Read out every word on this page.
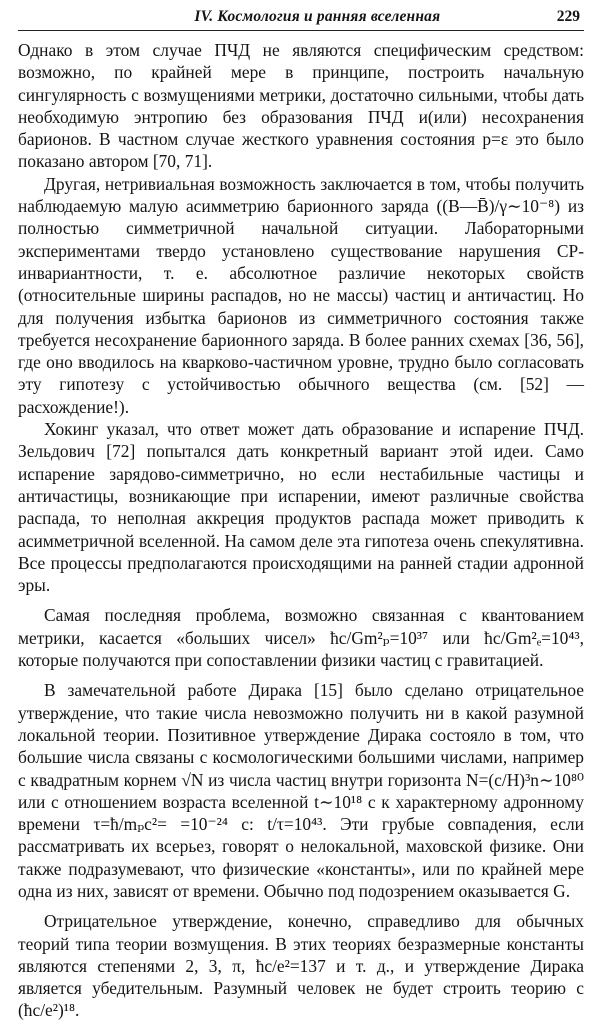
IV. Космология и ранняя вселенная	229

Однако в этом случае ПЧД не являются специфическим средством: возможно, по крайней мере в принципе, построить начальную сингулярность с возмущениями метрики, достаточно сильными, чтобы дать необходимую энтропию без образования ПЧД и(или) несохранения барионов. В частном случае жесткого уравнения состояния p=ε это было показано автором [70, 71].

Другая, нетривиальная возможность заключается в том, чтобы получить наблюдаемую малую асимметрию барионного заряда ((B—B̄)/γ∼10⁻⁸) из полностью симметричной начальной ситуации. Лабораторными экспериментами твердо установлено существование нарушения CP-инвариантности, т. е. абсолютное различие некоторых свойств (относительные ширины распадов, но не массы) частиц и античастиц. Но для получения избытка барионов из симметричного состояния также требуется несохранение барионного заряда. В более ранних схемах [36, 56], где оно вводилось на кварково-частичном уровне, трудно было согласовать эту гипотезу с устойчивостью обычного вещества (см. [52] — расхождение!).

Хокинг указал, что ответ может дать образование и испарение ПЧД. Зельдович [72] попытался дать конкретный вариант этой идеи. Само испарение зарядово-симметрично, но если нестабильные частицы и античастицы, возникающие при испарении, имеют различные свойства распада, то неполная аккреция продуктов распада может приводить к асимметричной вселенной. На самом деле эта гипотеза очень спекулятивна. Все процессы предполагаются происходящими на ранней стадии адронной эры.

Самая последняя проблема, возможно связанная с квантованием метрики, касается «больших чисел» ħc/Gm²ₚ=10³⁷ или ħc/Gm²ₑ=10⁴³, которые получаются при сопоставлении физики частиц с гравитацией.

В замечательной работе Дирака [15] было сделано отрицательное утверждение, что такие числа невозможно получить ни в какой разумной локальной теории. Позитивное утверждение Дирака состояло в том, что большие числа связаны с космологическими большими числами, например с квадратным корнем √N из числа частиц внутри горизонта N=(c/H)³n∼10⁸⁰ или с отношением возраста вселенной t∼10¹⁸ с к характерному адронному времени τ=ħ/mₚc²= =10⁻²⁴ с: t/τ=10⁴³. Эти грубые совпадения, если рассматривать их всерьез, говорят о нелокальной, маховской физике. Они также подразумевают, что физические «константы», или по крайней мере одна из них, зависят от времени. Обычно под подозрением оказывается G.

Отрицательное утверждение, конечно, справедливо для обычных теорий типа теории возмущения. В этих теориях безразмерные константы являются степенями 2, 3, π, ħc/e²=137 и т. д., и утверждение Дирака является убедительным. Разумный человек не будет строить теорию с (ħc/e²)¹⁸.
